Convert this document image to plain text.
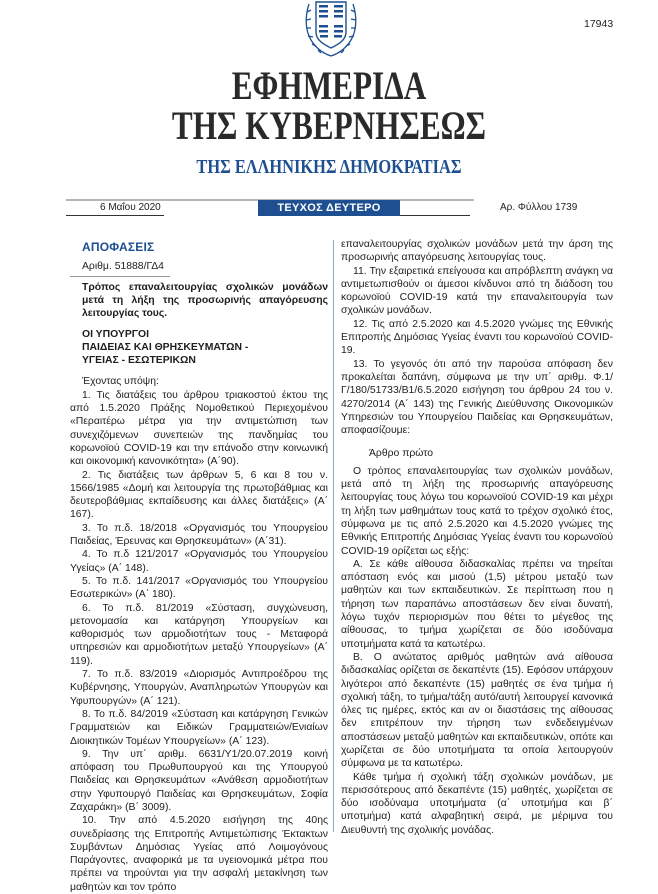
17943
ΕΦΗΜΕΡΙΔΑ
ΤΗΣ ΚΥΒΕΡΝΗΣΕΩΣ
ΤΗΣ ΕΛΛΗΝΙΚΗΣ ΔΗΜΟΚΡΑΤΙΑΣ
6 Μαΐου 2020	ΤΕΥΧΟΣ ΔΕΥΤΕΡΟ	Αρ. Φύλλου 1739
ΑΠΟΦΑΣΕΙΣ
Αριθμ. 51888/ΓΔ4
Τρόπος επαναλειτουργίας σχολικών μονάδων μετά τη λήξη της προσωρινής απαγόρευσης λειτουργίας τους.
ΟΙ ΥΠΟΥΡΓΟΙ
ΠΑΙΔΕΙΑΣ ΚΑΙ ΘΡΗΣΚΕΥΜΑΤΩΝ -
ΥΓΕΙΑΣ - ΕΣΩΤΕΡΙΚΩΝ

Έχοντας υπόψη:

1. Τις διατάξεις του άρθρου τριακοστού έκτου της από 1.5.2020 Πράξης Νομοθετικού Περιεχομένου «Περαιτέρω μέτρα για την αντιμετώπιση των συνεχιζόμενων συνεπειών της πανδημίας του κορωνοϊού COVID-19 και την επάνοδο στην κοινωνική και οικονομική κανονικότητα» (Α΄90).

2. Τις διατάξεις των άρθρων 5, 6 και 8 του ν. 1566/1985 «Δομή και λειτουργία της πρωτοβάθμιας και δευτεροβάθμιας εκπαίδευσης και άλλες διατάξεις» (Α΄ 167).

3. Το π.δ. 18/2018 «Οργανισμός του Υπουργείου Παιδείας, Έρευνας και Θρησκευμάτων» (Α΄31).

4. Το π.δ 121/2017 «Οργανισμός του Υπουργείου Υγείας» (Α΄ 148).

5. Το π.δ. 141/2017 «Οργανισμός του Υπουργείου Εσωτερικών» (Α΄ 180).

6. Το π.δ. 81/2019 «Σύσταση, συγχώνευση, μετονομασία και κατάργηση Υπουργείων και καθορισμός των αρμοδιοτήτων τους - Μεταφορά υπηρεσιών και αρμοδιοτήτων μεταξύ Υπουργείων» (Α΄ 119).

7. Το π.δ. 83/2019 «Διορισμός Αντιπροέδρου της Κυβέρνησης, Υπουργών, Αναπληρωτών Υπουργών και Υφυπουργών» (Α΄ 121).

8. Το π.δ. 84/2019 «Σύσταση και κατάργηση Γενικών Γραμματειών και Ειδικών Γραμματειών/Ενιαίων Διοικητικών Τομέων Υπουργείων» (Α΄ 123).

9. Την υπ΄ αριθμ. 6631/Υ1/20.07.2019 κοινή απόφαση του Πρωθυπουργού και της Υπουργού Παιδείας και Θρησκευμάτων «Ανάθεση αρμοδιοτήτων στην Υφυπουργό Παιδείας και Θρησκευμάτων, Σοφία Ζαχαράκη» (Β΄ 3009).

10. Την από 4.5.2020 εισήγηση της 40ης συνεδρίασης της Επιτροπής Αντιμετώπισης Έκτακτων Συμβάντων Δημόσιας Υγείας από Λοιμογόνους Παράγοντες, αναφορικά με τα υγειονομικά μέτρα που πρέπει να τηρούνται για την ασφαλή μετακίνηση των μαθητών και τον τρόπο

επαναλειτουργίας σχολικών μονάδων μετά την άρση της προσωρινής απαγόρευσης λειτουργίας τους.

11. Την εξαιρετικά επείγουσα και απρόβλεπτη ανάγκη να αντιμετωπισθούν οι άμεσοι κίνδυνοι από τη διάδοση του κορωνοϊού COVID-19 κατά την επαναλειτουργία των σχολικών μονάδων.

12. Τις από 2.5.2020 και 4.5.2020 γνώμες της Εθνικής Επιτροπής Δημόσιας Υγείας έναντι του κορωνοϊού COVID-19.

13. Το γεγονός ότι από την παρούσα απόφαση δεν προκαλείται δαπάνη, σύμφωνα με την υπ΄ αριθμ. Φ.1/Γ/180/51733/Β1/6.5.2020 εισήγηση του άρθρου 24 του ν. 4270/2014 (Α΄ 143) της Γενικής Διεύθυνσης Οικονομικών Υπηρεσιών του Υπουργείου Παιδείας και Θρησκευμάτων, αποφασίζουμε:

Άρθρο πρώτο

Ο τρόπος επαναλειτουργίας των σχολικών μονάδων, μετά από τη λήξη της προσωρινής απαγόρευσης λειτουργίας τους λόγω του κορωνοϊού COVID-19 και μέχρι τη λήξη των μαθημάτων τους κατά το τρέχον σχολικό έτος, σύμφωνα με τις από 2.5.2020 και 4.5.2020 γνώμες της Εθνικής Επιτροπής Δημόσιας Υγείας έναντι του κορωνοϊού COVID-19 ορίζεται ως εξής:

Α. Σε κάθε αίθουσα διδασκαλίας πρέπει να τηρείται απόσταση ενός και μισού (1,5) μέτρου μεταξύ των μαθητών και των εκπαιδευτικών. Σε περίπτωση που η τήρηση των παραπάνω αποστάσεων δεν είναι δυνατή, λόγω τυχόν περιορισμών που θέτει το μέγεθος της αίθουσας, το τμήμα χωρίζεται σε δύο ισοδύναμα υποτμήματα κατά τα κατωτέρω.

Β. Ο ανώτατος αριθμός μαθητών ανά αίθουσα διδασκαλίας ορίζεται σε δεκαπέντε (15). Εφόσον υπάρχουν λιγότεροι από δεκαπέντε (15) μαθητές σε ένα τμήμα ή σχολική τάξη, το τμήμα/τάξη αυτό/αυτή λειτουργεί κανονικά όλες τις ημέρες, εκτός και αν οι διαστάσεις της αίθουσας δεν επιτρέπουν την τήρηση των ενδεδειγμένων αποστάσεων μεταξύ μαθητών και εκπαιδευτικών, οπότε και χωρίζεται σε δύο υποτμήματα τα οποία λειτουργούν σύμφωνα με τα κατωτέρω.

Κάθε τμήμα ή σχολική τάξη σχολικών μονάδων, με περισσότερους από δεκαπέντε (15) μαθητές, χωρίζεται σε δύο ισοδύναμα υποτμήματα (α΄ υποτμήμα και β΄ υποτμήμα) κατά αλφαβητική σειρά, με μέριμνα του Διευθυντή της σχολικής μονάδας.
